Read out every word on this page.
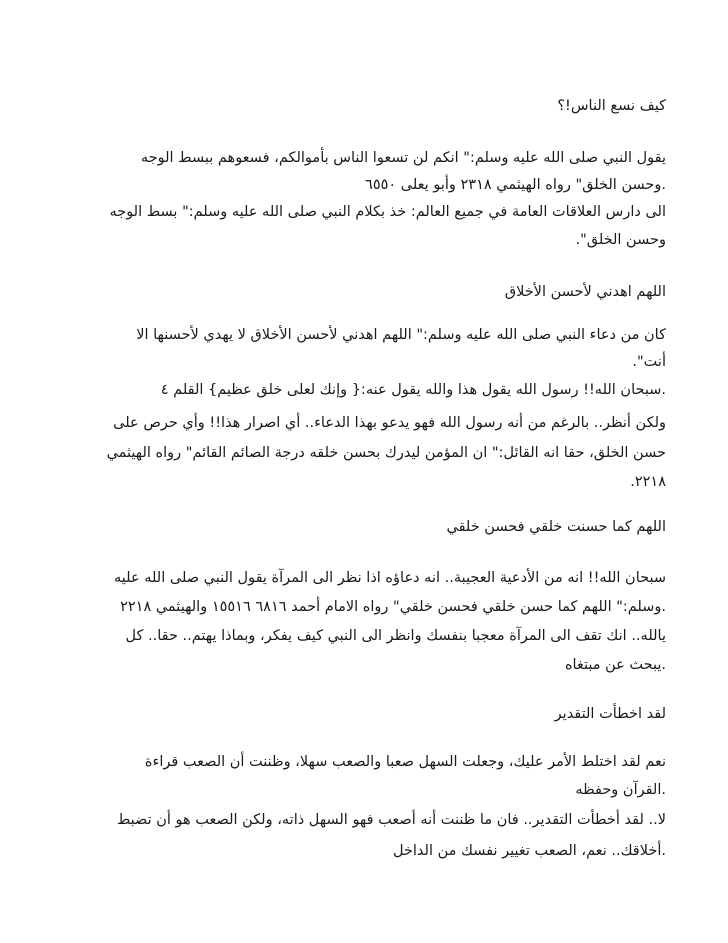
كيف نسع الناس!؟
يقول النبي صلى الله عليه وسلم:" انكم لن تسعوا الناس بأموالكم، فسعوهم ببسط الوجه
.وحسن الخلق" رواه الهيثمي ٢٣١٨ وأبو يعلى ٦٥٥٠
الى دارس العلاقات العامة في جميع العالم: خذ بكلام النبي صلى الله عليه وسلم:" بسط الوجه
وحسن الخلق".
اللهم اهدني لأحسن الأخلاق
كان من دعاء النبي صلى الله عليه وسلم:" اللهم اهدني لأحسن الأخلاق لا يهدي لأحسنها الا
أنت".
.سبحان الله!! رسول الله يقول هذا والله يقول عنه:{ وإنك لعلى خلق عظيم} القلم ٤
ولكن أنظر.. بالرغم من أنه رسول الله فهو يدعو بهذا الدعاء.. أي اصرار هذا!! وأي حرص على
حسن الخلق، حقا انه القائل:" ان المؤمن ليدرك بحسن خلقه درجة الصائم القائم" رواه الهيثمي
.٢٢١٨
اللهم كما حسنت خلقي فحسن خلقي
سبحان الله!! انه من الأدعية العجيبة.. انه دعاؤه اذا نظر الى المرآة يقول النبي صلى الله عليه
.وسلم:" اللهم كما حسن خلقي فحسن خلقي" رواه الامام أحمد ٦٨١٦ ١٥٥١٦ والهيثمي ٢٢١٨
يالله.. انك تقف الى المرآة معجبا بنفسك وانظر الى النبي كيف يفكر، وبماذا يهتم.. حقا.. كل
.يبحث عن مبتغاه
لقد اخطأت التقدير
نعم لقد اختلط الأمر عليك، وجعلت السهل صعبا والصعب سهلا، وظننت أن الصعب قراءة
.القرآن وحفظه
لا.. لقد أخطأت التقدير.. فان ما ظننت أنه أصعب فهو السهل ذاته، ولكن الصعب هو أن تضبط
.أخلاقك.. نعم، الصعب تغيير نفسك من الداخل
